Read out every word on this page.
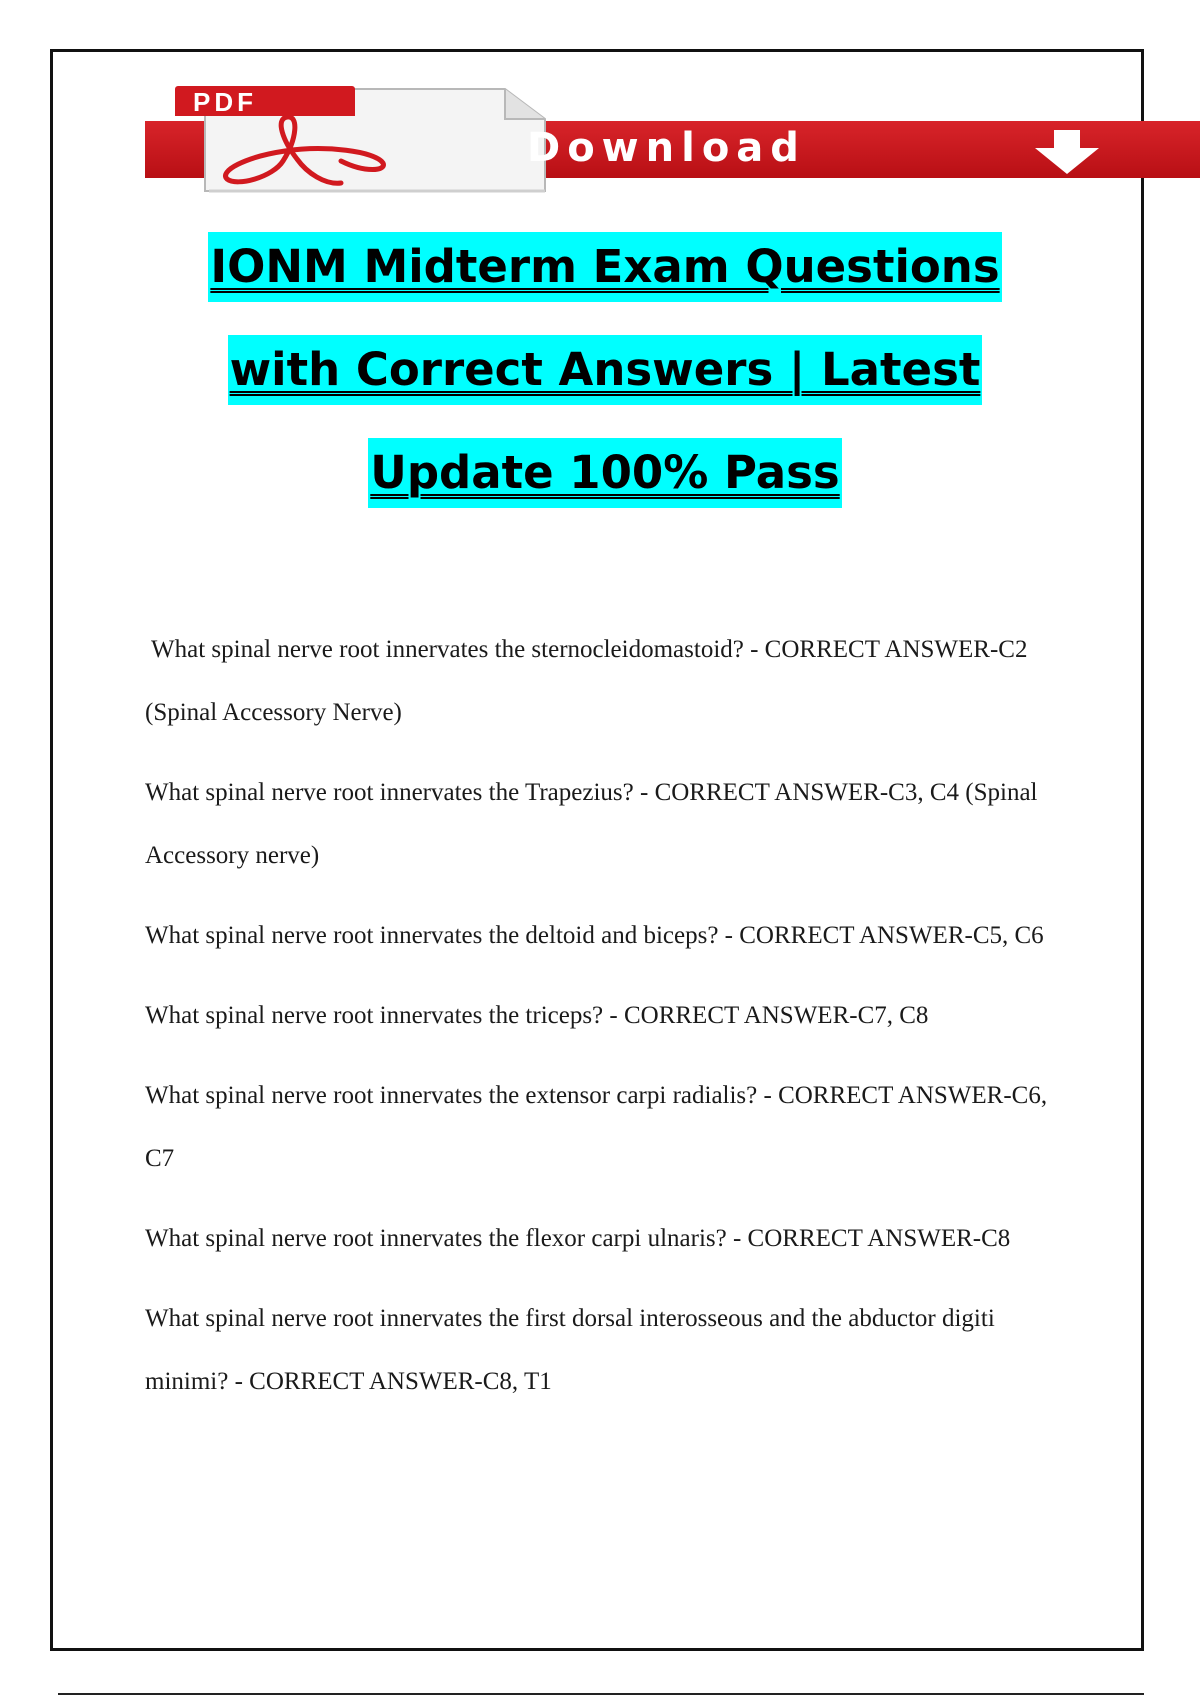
PDF
Download
IONM Midterm Exam Questions
with Correct Answers | Latest
Update 100% Pass

What spinal nerve root innervates the sternocleidomastoid? - CORRECT ANSWER-C2 (Spinal Accessory Nerve)

What spinal nerve root innervates the Trapezius? - CORRECT ANSWER-C3, C4 (Spinal Accessory nerve)

What spinal nerve root innervates the deltoid and biceps? - CORRECT ANSWER-C5, C6

What spinal nerve root innervates the triceps? - CORRECT ANSWER-C7, C8

What spinal nerve root innervates the extensor carpi radialis? - CORRECT ANSWER-C6, C7

What spinal nerve root innervates the flexor carpi ulnaris? - CORRECT ANSWER-C8

What spinal nerve root innervates the first dorsal interosseous and the abductor digiti minimi? - CORRECT ANSWER-C8, T1
